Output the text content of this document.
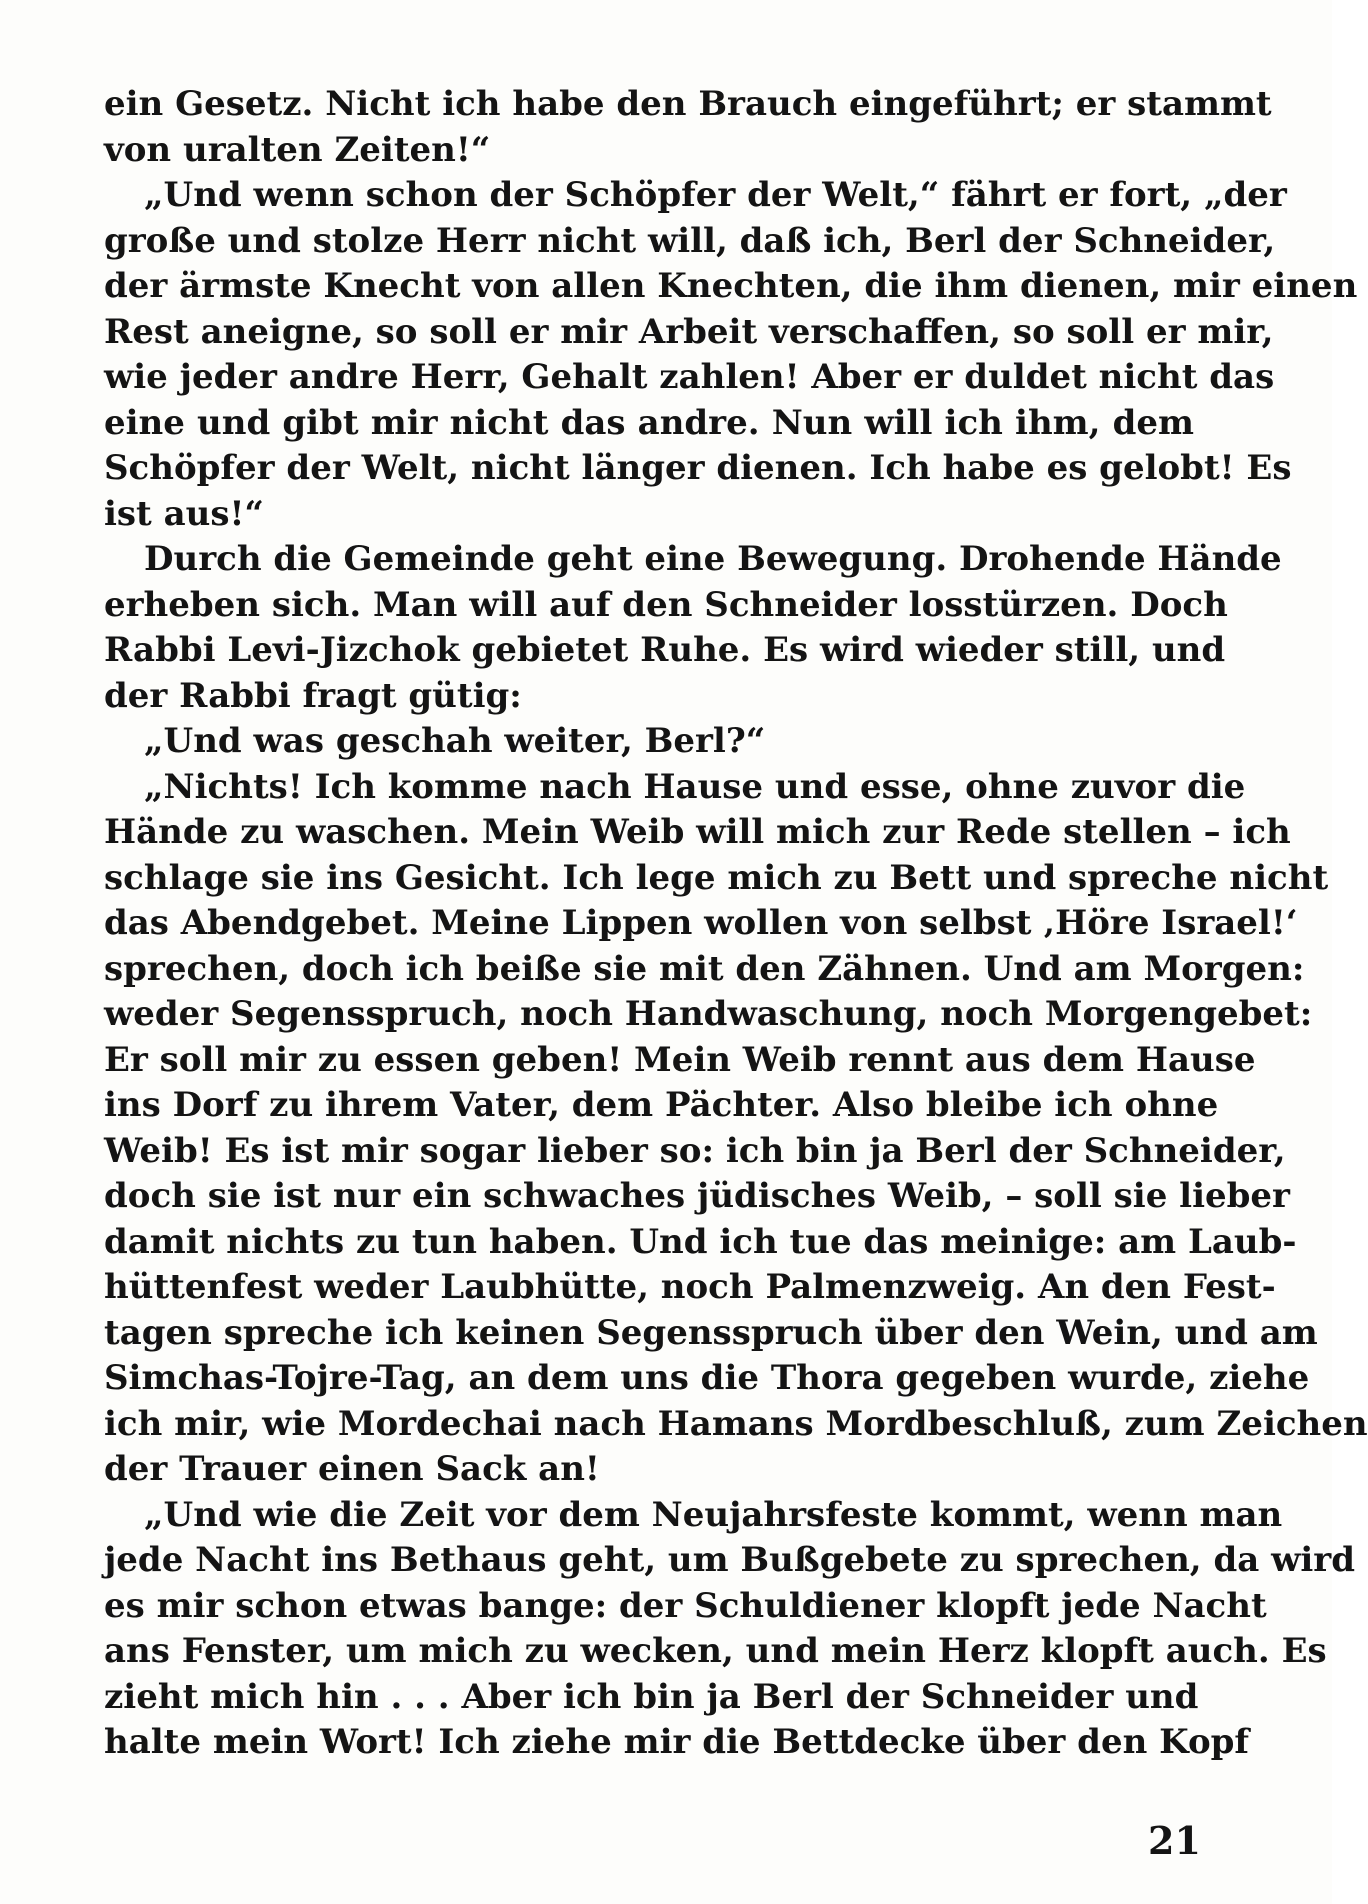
ein Gesetz. Nicht ich habe den Brauch eingeführt; er stammt
von uralten Zeiten!“
„Und wenn schon der Schöpfer der Welt,“ fährt er fort, „der
große und stolze Herr nicht will, daß ich, Berl der Schneider,
der ärmste Knecht von allen Knechten, die ihm dienen, mir einen
Rest aneigne, so soll er mir Arbeit verschaffen, so soll er mir,
wie jeder andre Herr, Gehalt zahlen! Aber er duldet nicht das
eine und gibt mir nicht das andre. Nun will ich ihm, dem
Schöpfer der Welt, nicht länger dienen. Ich habe es gelobt! Es
ist aus!“
Durch die Gemeinde geht eine Bewegung. Drohende Hände
erheben sich. Man will auf den Schneider losstürzen. Doch
Rabbi Levi-Jizchok gebietet Ruhe. Es wird wieder still, und
der Rabbi fragt gütig:
„Und was geschah weiter, Berl?“
„Nichts! Ich komme nach Hause und esse, ohne zuvor die
Hände zu waschen. Mein Weib will mich zur Rede stellen – ich
schlage sie ins Gesicht. Ich lege mich zu Bett und spreche nicht
das Abendgebet. Meine Lippen wollen von selbst ‚Höre Israel!‘
sprechen, doch ich beiße sie mit den Zähnen. Und am Morgen:
weder Segensspruch, noch Handwaschung, noch Morgengebet:
Er soll mir zu essen geben! Mein Weib rennt aus dem Hause
ins Dorf zu ihrem Vater, dem Pächter. Also bleibe ich ohne
Weib! Es ist mir sogar lieber so: ich bin ja Berl der Schneider,
doch sie ist nur ein schwaches jüdisches Weib, – soll sie lieber
damit nichts zu tun haben. Und ich tue das meinige: am Laub-
hüttenfest weder Laubhütte, noch Palmenzweig. An den Fest-
tagen spreche ich keinen Segensspruch über den Wein, und am
Simchas-Tojre-Tag, an dem uns die Thora gegeben wurde, ziehe
ich mir, wie Mordechai nach Hamans Mordbeschluß, zum Zeichen
der Trauer einen Sack an!
„Und wie die Zeit vor dem Neujahrsfeste kommt, wenn man
jede Nacht ins Bethaus geht, um Bußgebete zu sprechen, da wird
es mir schon etwas bange: der Schuldiener klopft jede Nacht
ans Fenster, um mich zu wecken, und mein Herz klopft auch. Es
zieht mich hin . . . Aber ich bin ja Berl der Schneider und
halte mein Wort! Ich ziehe mir die Bettdecke über den Kopf
21
